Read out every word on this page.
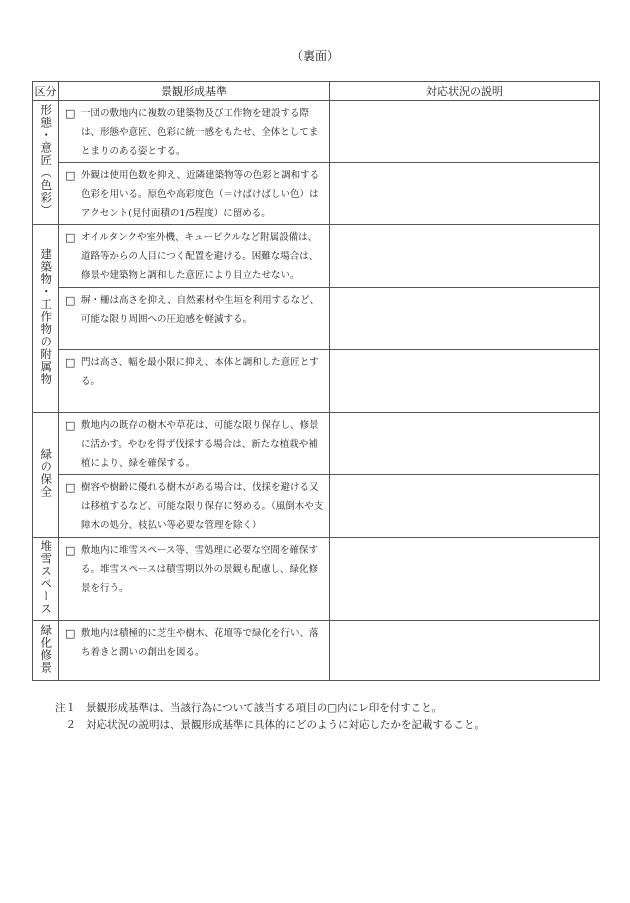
（裏面）
区分	景観形成基準	対応状況の説明
形態・意匠（色彩）	□ 一団の敷地内に複数の建築物及び工作物を建設する際は、形態や意匠、色彩に統一感をもたせ、全体としてまとまりのある姿とする。	

	□ 外観は使用色数を抑え、近隣建築物等の色彩と調和する色彩を用いる。原色や高彩度色（＝けばけばしい色）はアクセント(見付面積の1/5程度）に留める。	

建築物・工作物の附属物	□ オイルタンクや室外機、キュービクルなど附属設備は、道路等からの人目につく配置を避ける。困難な場合は、修景や建築物と調和した意匠により目立たせない。	

	□ 塀・柵は高さを抑え、自然素材や生垣を利用するなど、可能な限り周囲への圧迫感を軽減する。	

	□ 門は高さ、幅を最小限に抑え、本体と調和した意匠とする。	

緑の保全	□ 敷地内の既存の樹木や草花は、可能な限り保存し、修景に活かす。やむを得ず伐採する場合は、新たな植栽や補植により、緑を確保する。	

	□ 樹容や樹齢に優れる樹木がある場合は、伐採を避ける又は移植するなど、可能な限り保存に努める。（風倒木や支障木の処分、枝払い等必要な管理を除く）	

堆雪スペース	□ 敷地内に堆雪スペース等、雪処理に必要な空間を確保する。堆雪スペースは積雪期以外の景観も配慮し、緑化修景を行う。	

緑化修景	□ 敷地内は積極的に芝生や樹木、花壇等で緑化を行い、落ち着きと潤いの創出を図る。	

注１ 景観形成基準は、当該行為について該当する項目の□内にレ印を付すこと。
２ 対応状況の説明は、景観形成基準に具体的にどのように対応したかを記載すること。
